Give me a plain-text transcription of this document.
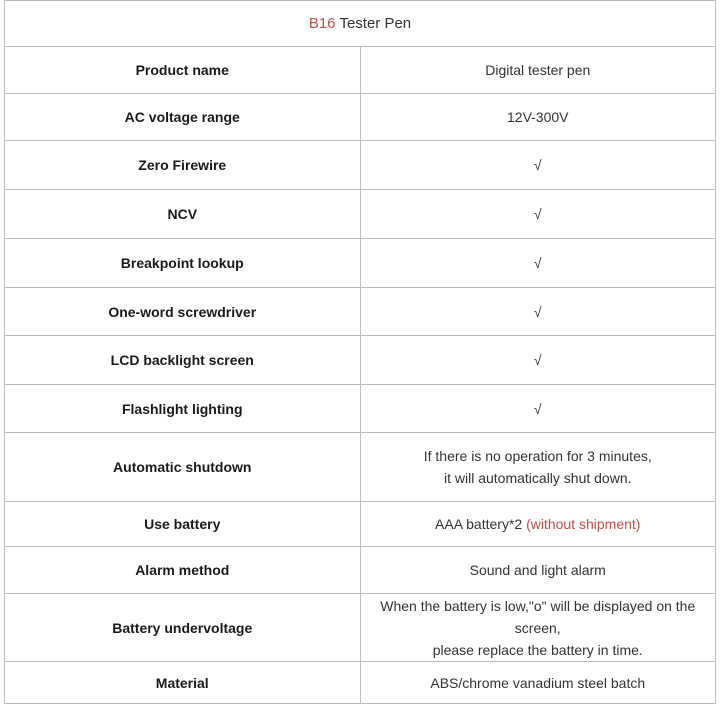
B16 Tester Pen	
Product name	Digital tester pen
AC voltage range	12V-300V
Zero Firewire	√
NCV	√
Breakpoint lookup	√
One-word screwdriver	√
LCD backlight screen	√
Flashlight lighting	√
Automatic shutdown	If there is no operation for 3 minutes,
it will automatically shut down.

Use battery	AAA battery*2 (without shipment)
Alarm method	Sound and light alarm
Battery undervoltage	When the battery is low,"o" will be displayed on the screen,
please replace the battery in time.

Material	ABS/chrome vanadium steel batch
